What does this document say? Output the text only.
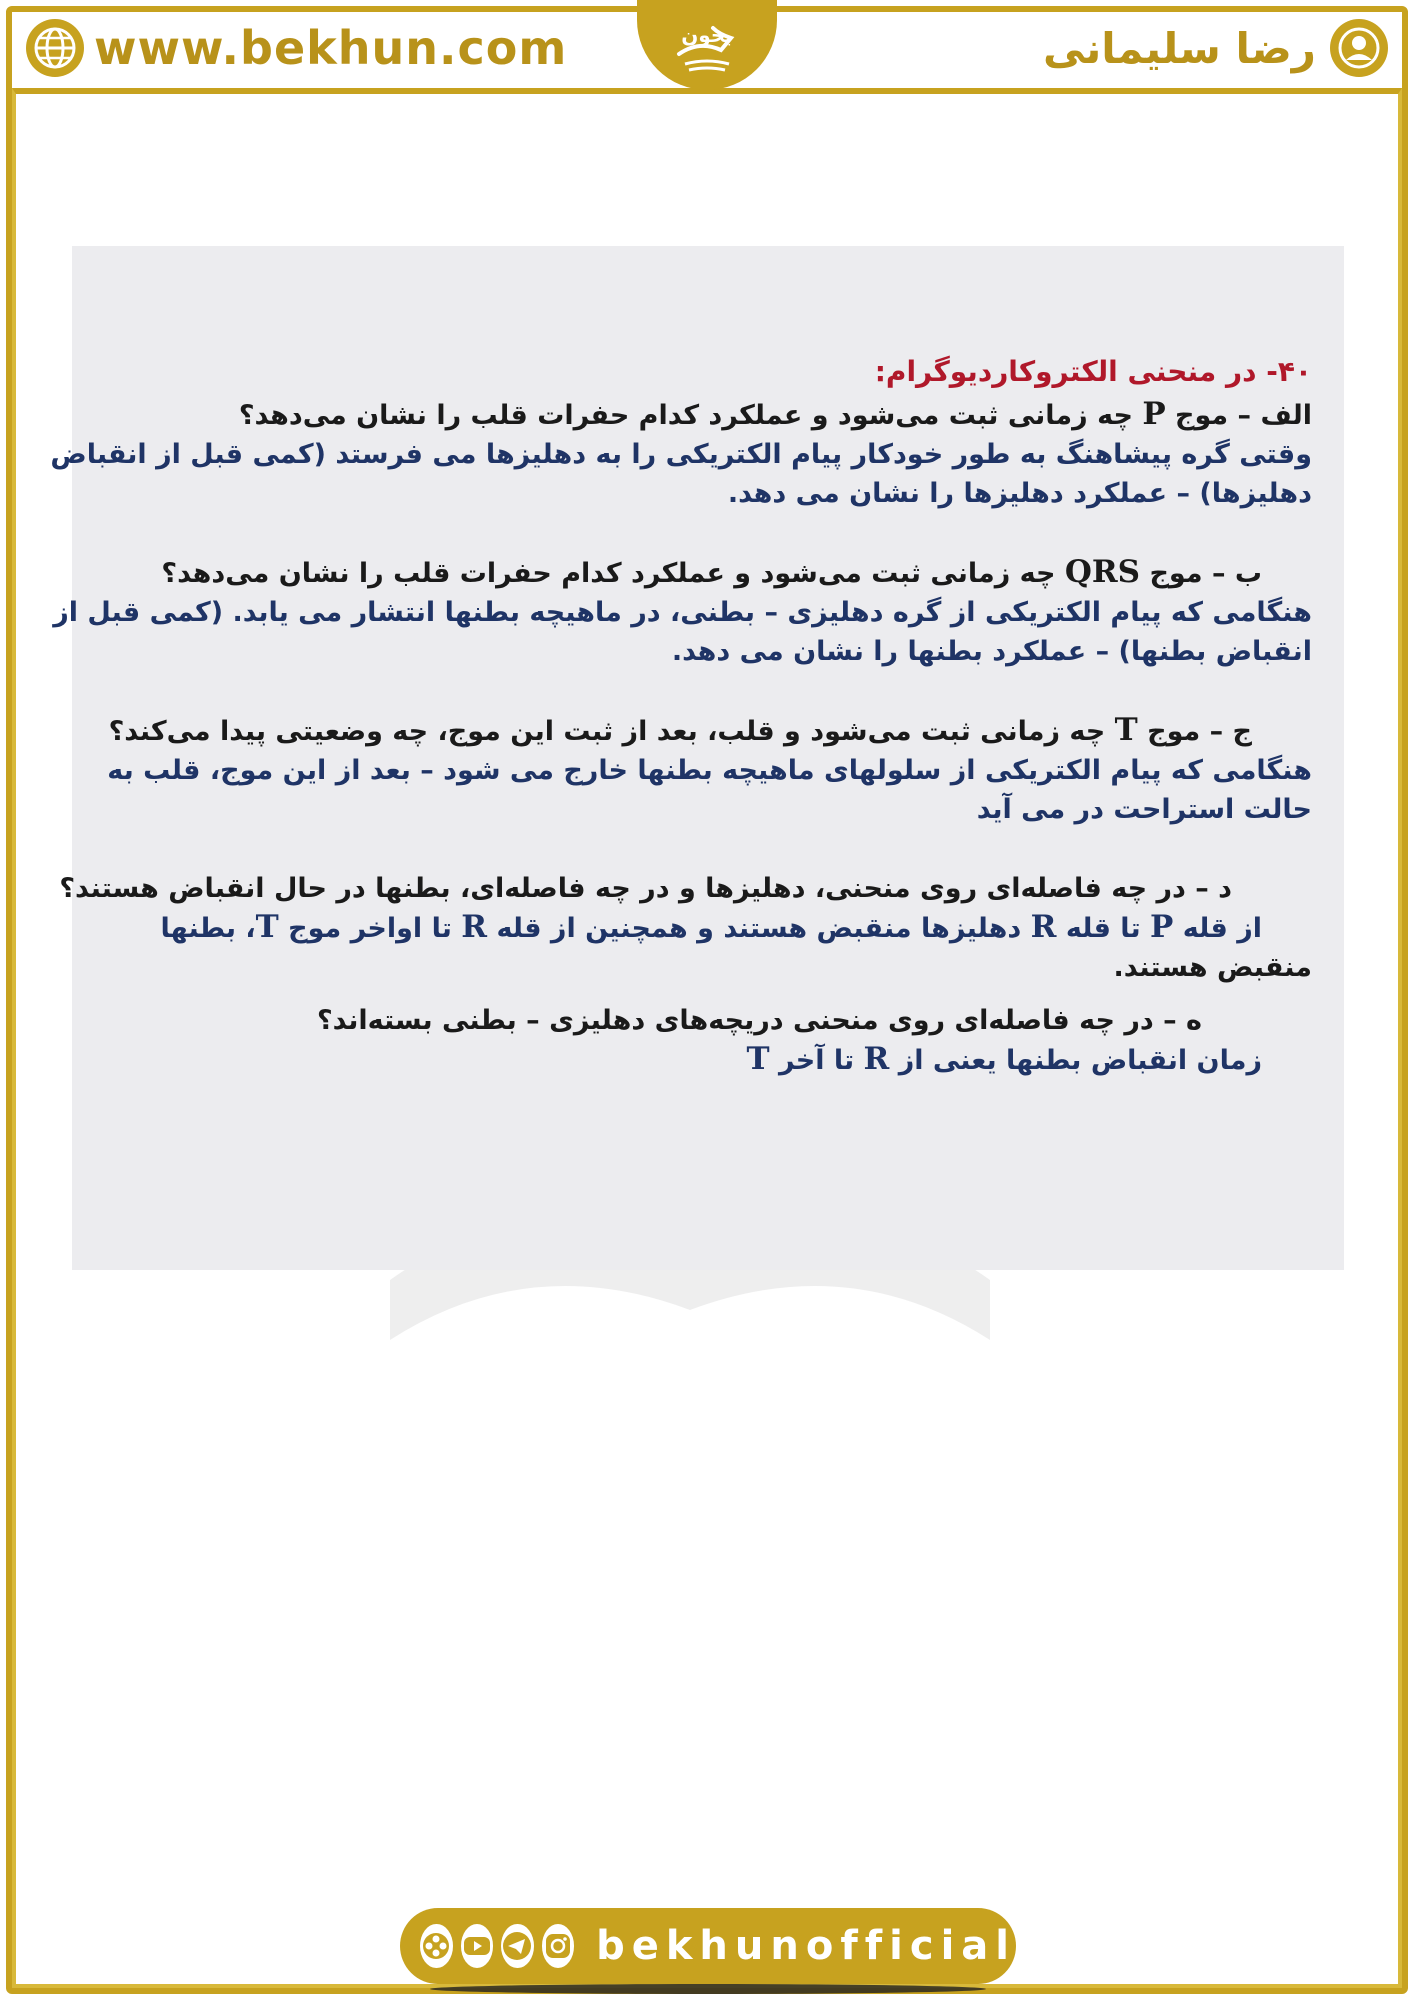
www.bekhun.com	بخون	رضا سلیمانی
۴۰- در منحنی الکتروکاردیوگرام:
الف – موج P چه زمانی ثبت می‌شود و عملکرد کدام حفرات قلب را نشان می‌دهد؟
وقتی گره پیشاهنگ به طور خودکار پیام الکتریکی را به دهلیزها می فرستد (کمی قبل از انقباض
دهلیزها) – عملکرد دهلیزها را نشان می دهد.
ب – موج QRS چه زمانی ثبت می‌شود و عملکرد کدام حفرات قلب را نشان می‌دهد؟
هنگامی که پیام الکتریکی از گره دهلیزی – بطنی، در ماهیچه بطنها انتشار می یابد. (کمی قبل از
انقباض بطنها) – عملکرد بطنها را نشان می دهد.
ج – موج T چه زمانی ثبت می‌شود و قلب، بعد از ثبت این موج، چه وضعیتی پیدا می‌کند؟
هنگامی که پیام الکتریکی از سلولهای ماهیچه بطنها خارج می شود – بعد از این موج، قلب به
حالت استراحت در می آید
د – در چه فاصله‌ای روی منحنی، دهلیزها و در چه فاصله‌ای، بطنها در حال انقباض هستند؟
از قله P تا قله R دهلیزها منقبض هستند و همچنین از قله R تا اواخر موج T، بطنها
منقبض هستند.
ه – در چه فاصله‌ای روی منحنی دریچه‌های دهلیزی – بطنی بسته‌اند؟
زمان انقباض بطنها یعنی از R تا آخر T
bekhunofficial
